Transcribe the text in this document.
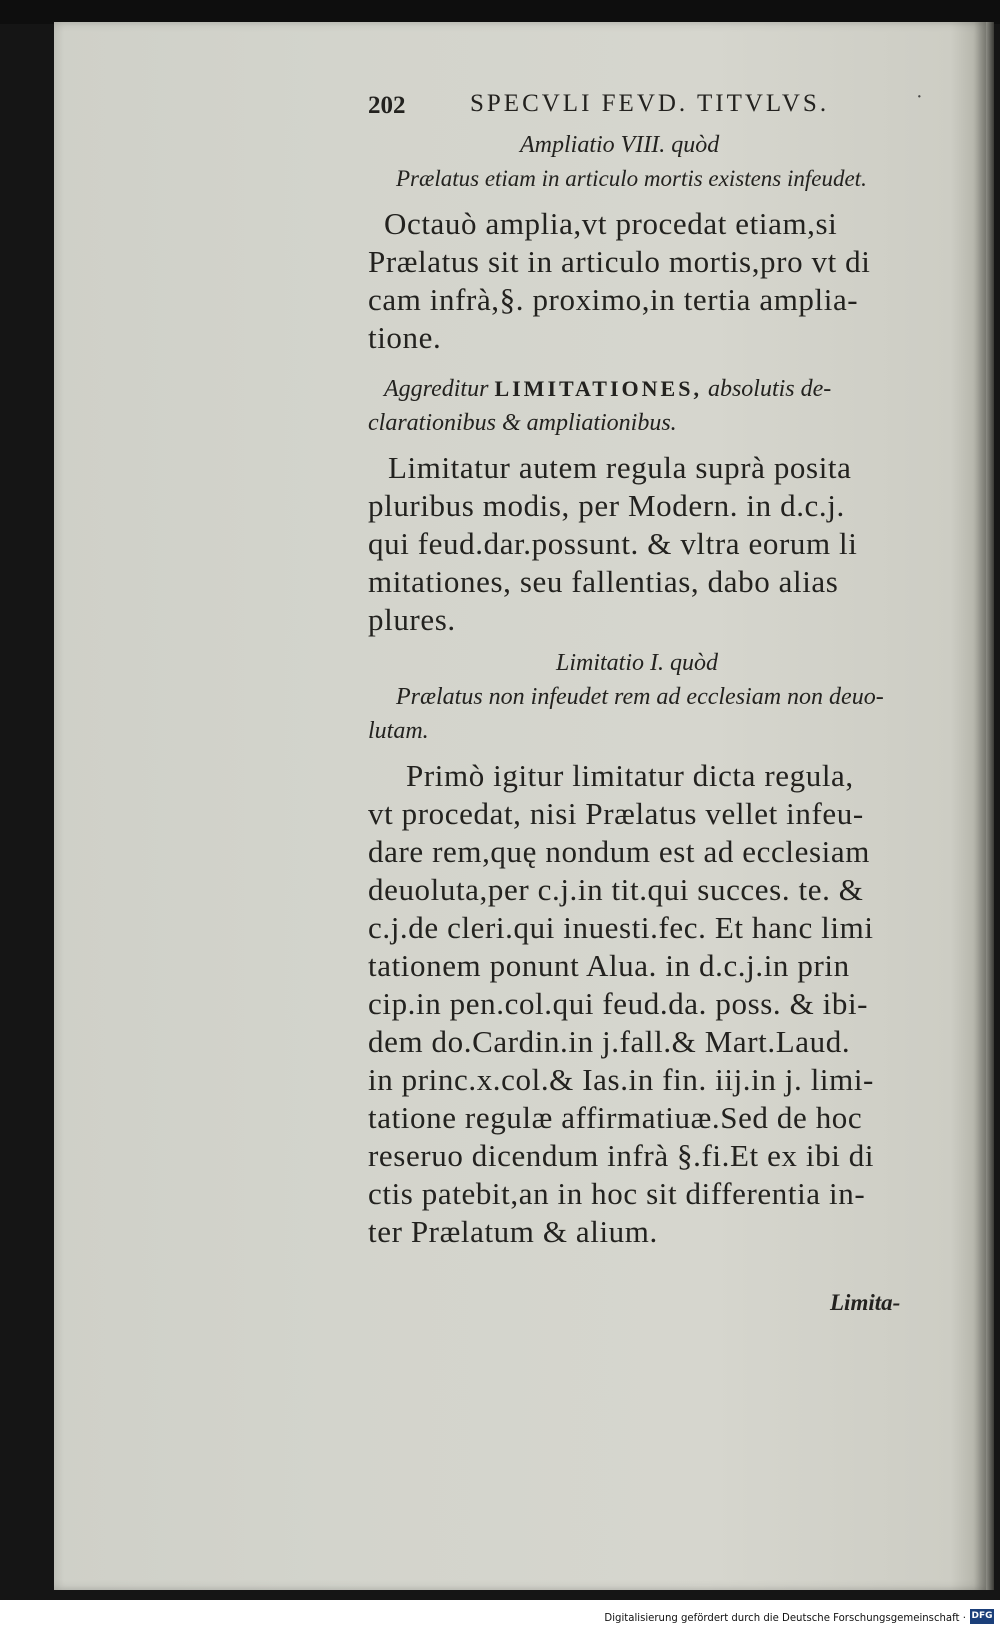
202	SPECVLI FEVD. TITVLVS.	·
Ampliatio VIII. quòd
Prælatus etiam in articulo mortis existens infeudet.
Octauò amplia,vt procedat etiam,si
Prælatus sit in articulo mortis,pro vt di
cam infrà,§. proximo,in tertia amplia-
tione.
Aggreditur LIMITATIONES, absolutis de-
clarationibus & ampliationibus.
Limitatur autem regula suprà posita
pluribus modis, per Modern. in d.c.j.
qui feud.dar.possunt. & vltra eorum li
mitationes, seu fallentias, dabo alias
plures.
Limitatio I. quòd
Prælatus non infeudet rem ad ecclesiam non deuo-
lutam.
Primò igitur limitatur dicta regula,
vt procedat, nisi Prælatus vellet infeu-
dare rem,quę nondum est ad ecclesiam
deuoluta,per c.j.in tit.qui succes. te. &
c.j.de cleri.qui inuesti.fec. Et hanc limi
tationem ponunt Alua. in d.c.j.in prin
cip.in pen.col.qui feud.da. poss. & ibi-
dem do.Cardin.in j.fall.& Mart.Laud.
in princ.x.col.& Ias.in fin. iij.in j. limi-
tatione regulæ affirmatiuæ.Sed de hoc
reseruo dicendum infrà §.fi.Et ex ibi di
ctis patebit,an in hoc sit differentia in-
ter Prælatum & alium.
Limita-
Digitalisierung gefördert durch die Deutsche Forschungsgemeinschaft · DFG
